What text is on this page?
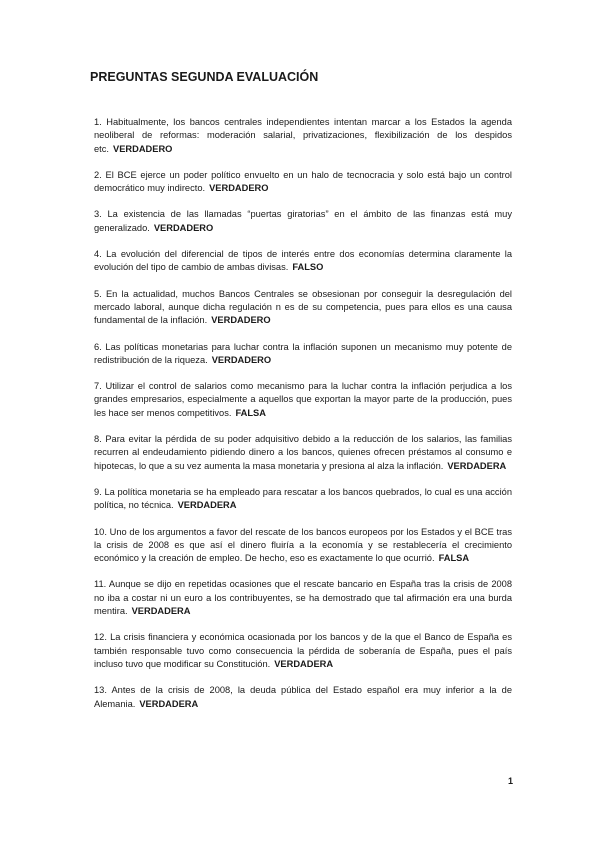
PREGUNTAS SEGUNDA EVALUACIÓN

1. Habitualmente, los bancos centrales independientes intentan marcar a los Estados la agenda neoliberal de reformas: moderación salarial, privatizaciones, flexibilización de los despidos etc. VERDADERO

2. El BCE ejerce un poder político envuelto en un halo de tecnocracia y solo está bajo un control democrático muy indirecto. VERDADERO

3. La existencia de las llamadas “puertas giratorias” en el ámbito de las finanzas está muy generalizado. VERDADERO

4. La evolución del diferencial de tipos de interés entre dos economías determina claramente la evolución del tipo de cambio de ambas divisas. FALSO

5. En la actualidad, muchos Bancos Centrales se obsesionan por conseguir la desregulación del mercado laboral, aunque dicha regulación n es de su competencia, pues para ellos es una causa fundamental de la inflación. VERDADERO

6. Las políticas monetarias para luchar contra la inflación suponen un mecanismo muy potente de redistribución de la riqueza. VERDADERO

7. Utilizar el control de salarios como mecanismo para la luchar contra la inflación perjudica a los grandes empresarios, especialmente a aquellos que exportan la mayor parte de la producción, pues les hace ser menos competitivos. FALSA

8. Para evitar la pérdida de su poder adquisitivo debido a la reducción de los salarios, las familias recurren al endeudamiento pidiendo dinero a los bancos, quienes ofrecen préstamos al consumo e hipotecas, lo que a su vez aumenta la masa monetaria y presiona al alza la inflación. VERDADERA

9. La política monetaria se ha empleado para rescatar a los bancos quebrados, lo cual es una acción política, no técnica. VERDADERA

10. Uno de los argumentos a favor del rescate de los bancos europeos por los Estados y el BCE tras la crisis de 2008 es que así el dinero fluiría a la economía y se restablecería el crecimiento económico y la creación de empleo. De hecho, eso es exactamente lo que ocurrió. FALSA

11. Aunque se dijo en repetidas ocasiones que el rescate bancario en España tras la crisis de 2008 no iba a costar ni un euro a los contribuyentes, se ha demostrado que tal afirmación era una burda mentira. VERDADERA

12. La crisis financiera y económica ocasionada por los bancos y de la que el Banco de España es también responsable tuvo como consecuencia la pérdida de soberanía de España, pues el país incluso tuvo que modificar su Constitución. VERDADERA

13. Antes de la crisis de 2008, la deuda pública del Estado español era muy inferior a la de Alemania. VERDADERA

1
